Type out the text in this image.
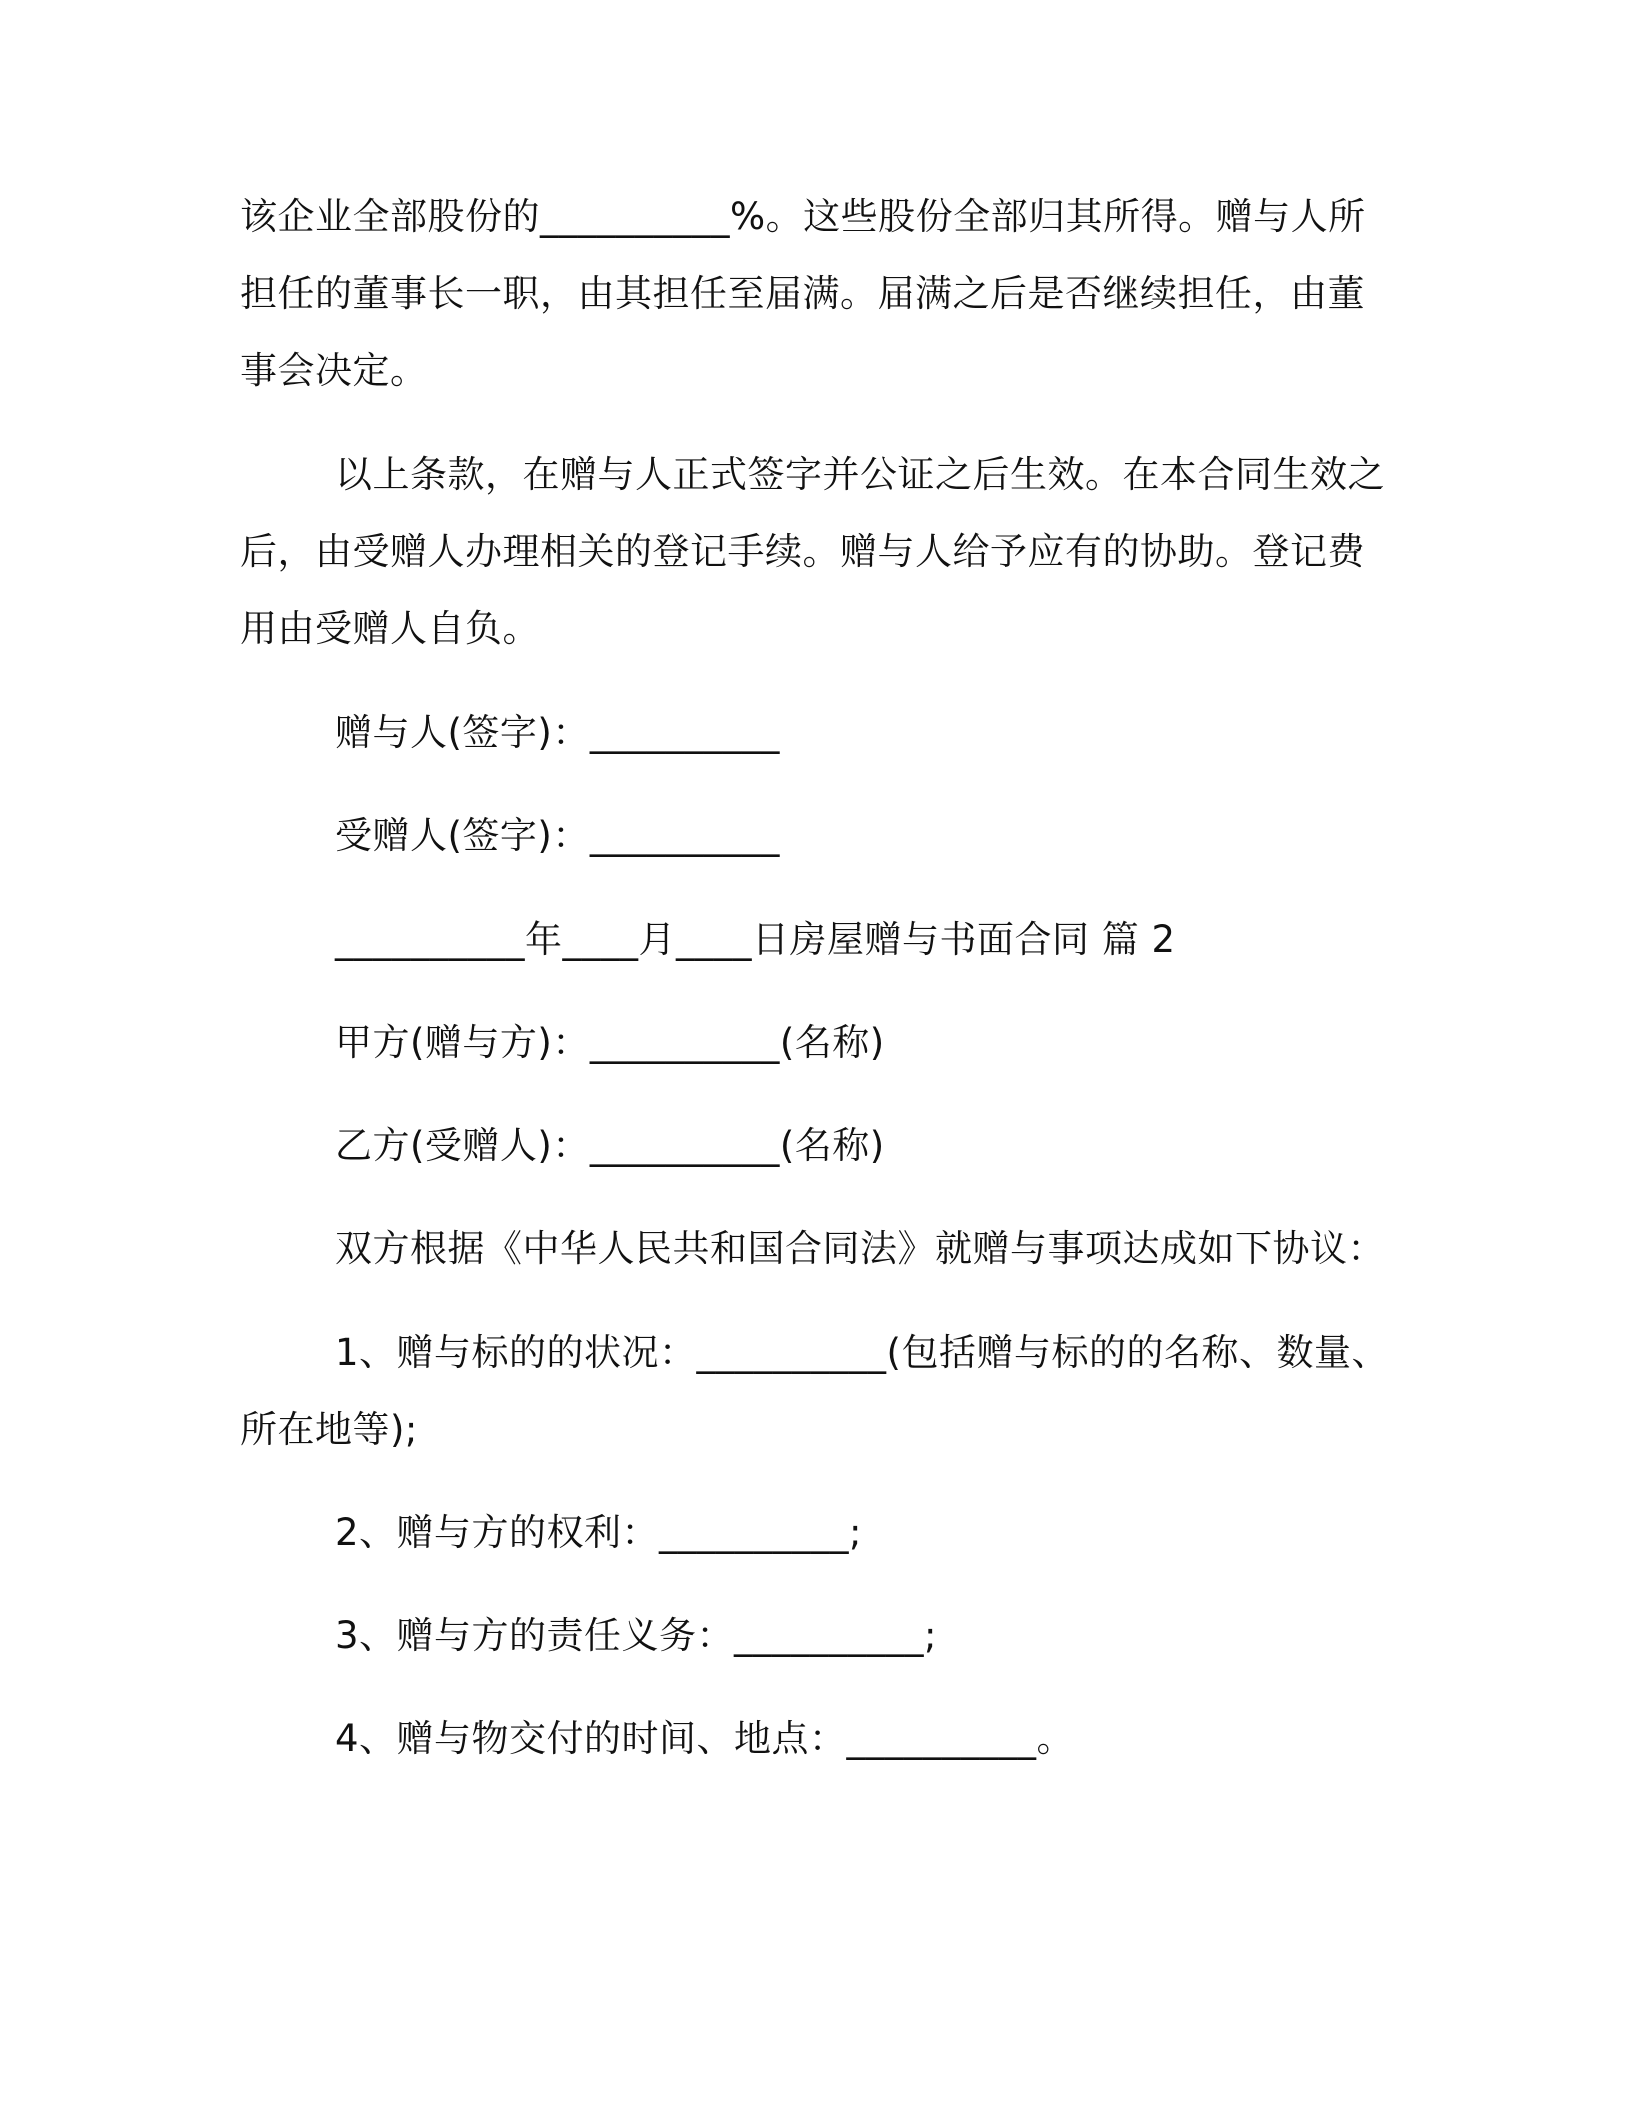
该企业全部股份的__________%。这些股份全部归其所得。赠与人所
担任的董事长一职，由其担任至届满。届满之后是否继续担任，由董
事会决定。
以上条款，在赠与人正式签字并公证之后生效。在本合同生效之
后，由受赠人办理相关的登记手续。赠与人给予应有的协助。登记费
用由受赠人自负。
赠与人(签字)：__________
受赠人(签字)：__________
__________年____月____日房屋赠与书面合同 篇 2
甲方(赠与方)：__________(名称)
乙方(受赠人)：__________(名称)
双方根据《中华人民共和国合同法》就赠与事项达成如下协议：
1、赠与标的的状况：__________(包括赠与标的的名称、数量、
所在地等);
2、赠与方的权利：__________;
3、赠与方的责任义务：__________;
4、赠与物交付的时间、地点：__________。
